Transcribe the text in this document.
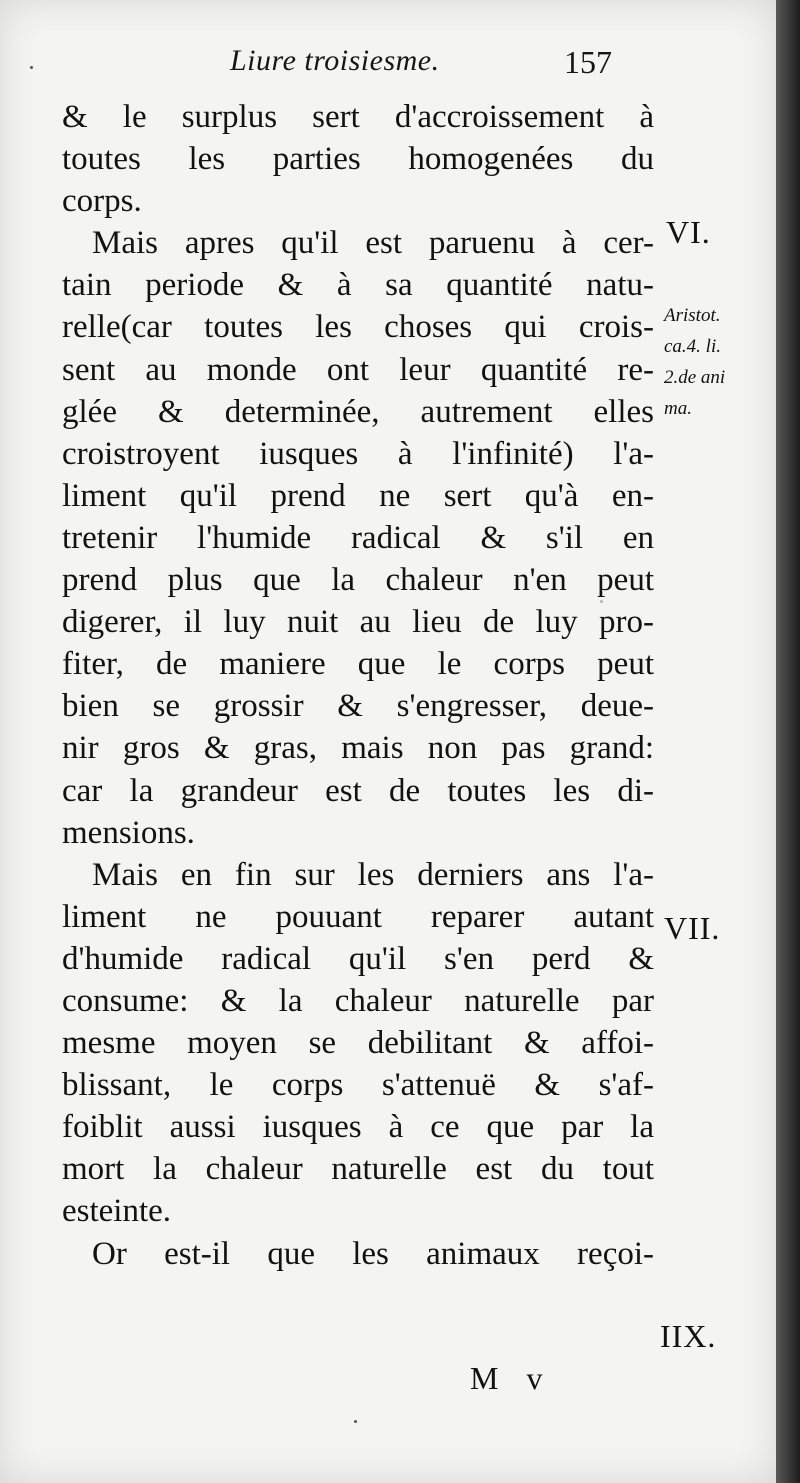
Liure troisiesme.	157
& le surplus sert d'accroissement à
toutes les parties homogenées du
corps.
Mais apres qu'il est paruenu à cer-
tain periode & à sa quantité natu-
relle(car toutes les choses qui crois-
sent au monde ont leur quantité re-
glée & determinée, autrement elles
croistroyent iusques à l'infinité) l'a-
liment qu'il prend ne sert qu'à en-
tretenir l'humide radical & s'il en
prend plus que la chaleur n'en peut
digerer, il luy nuit au lieu de luy pro-
fiter, de maniere que le corps peut
bien se grossir & s'engresser, deue-
nir gros & gras, mais non pas grand:
car la grandeur est de toutes les di-
mensions.
Mais en fin sur les derniers ans l'a-
liment ne pouuant reparer autant
d'humide radical qu'il s'en perd &
consume: & la chaleur naturelle par
mesme moyen se debilitant & affoi-
blissant, le corps s'attenuë & s'af-
foiblit aussi iusques à ce que par la
mort la chaleur naturelle est du tout
esteinte.
Or est-il que les animaux reçoi-
VI.
Aristot.
ca.4. li.
2.de ani
ma.
VII.
IIX.
M v
